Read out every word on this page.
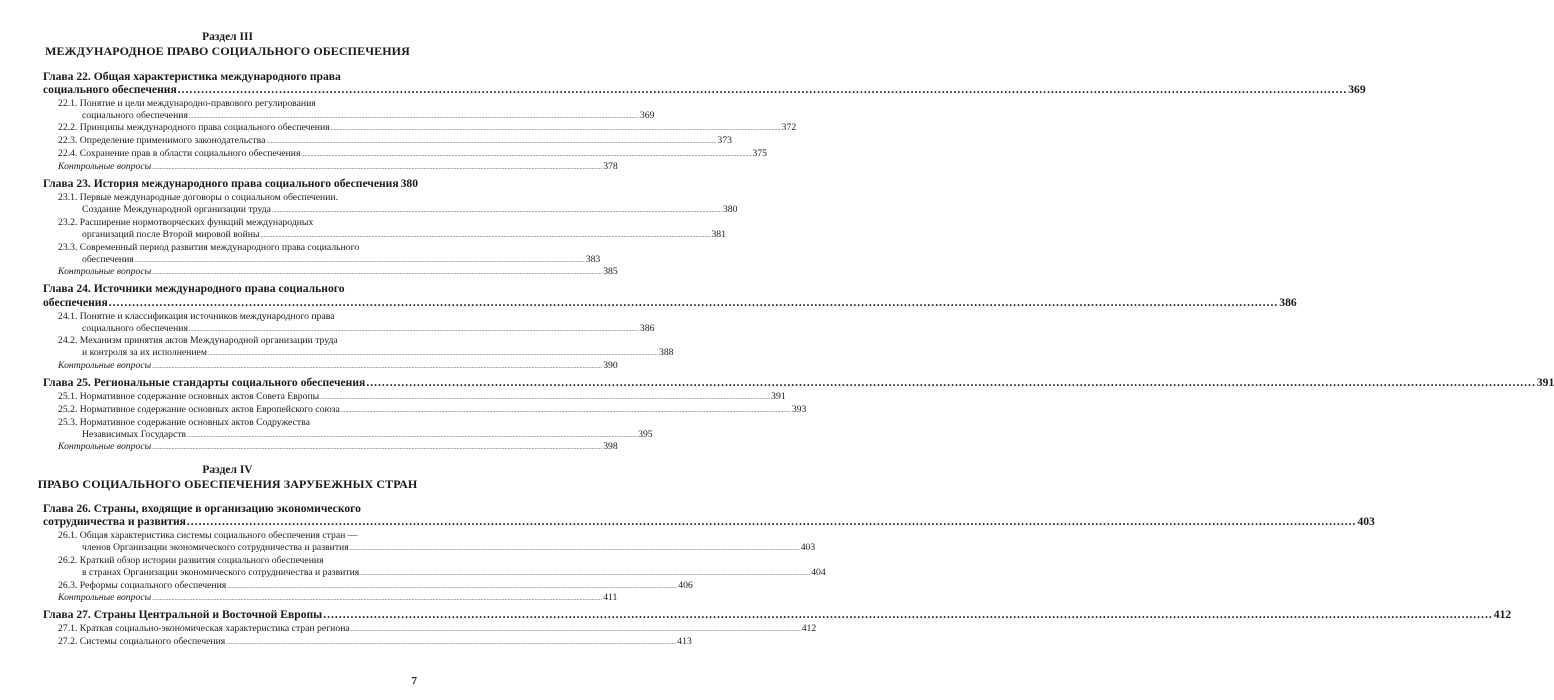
Раздел III
МЕЖДУНАРОДНОЕ ПРАВО СОЦИАЛЬНОГО ОБЕСПЕЧЕНИЯ
Раздел IV
ПРАВО СОЦИАЛЬНОГО ОБЕСПЕЧЕНИЯ ЗАРУБЕЖНЫХ СТРАН
Глава 22. Общая характеристика международного права
социального обеспечения ............................................................................................................................................................................................................................................................................................................ 369
22.1. Понятие и цели международно-правового регулирования
социального обеспечения ............................................................................................................................................................................................................................................................................................................ 369
22.2. Принципы международного права социального обеспечения ............................................................................................................................................................................................................................................................................................................ 372
22.3. Определение применимого законодательства ............................................................................................................................................................................................................................................................................................................ 373
22.4. Сохранение прав в области социального обеспечения ............................................................................................................................................................................................................................................................................................................ 375
Контрольные вопросы ............................................................................................................................................................................................................................................................................................................ 378
Глава 23. История международного права социального обеспечения 380
23.1. Первые международные договоры о социальном обеспечении.
Создание Международной организации труда ............................................................................................................................................................................................................................................................................................................ 380
23.2. Расширение нормотворческих функций международных
организаций после Второй мировой войны ............................................................................................................................................................................................................................................................................................................ 381
23.3. Современный период развития международного права социального
обеспечения ............................................................................................................................................................................................................................................................................................................ 383
Контрольные вопросы ............................................................................................................................................................................................................................................................................................................ 385
Глава 24. Источники международного права социального
обеспечения ............................................................................................................................................................................................................................................................................................................ 386
24.1. Понятие и классификация источников международного права
социального обеспечения ............................................................................................................................................................................................................................................................................................................ 386
24.2. Механизм принятия актов Международной организации труда
и контроля за их исполнением ............................................................................................................................................................................................................................................................................................................ 388
Контрольные вопросы ............................................................................................................................................................................................................................................................................................................ 390
Глава 25. Региональные стандарты социального обеспечения ............................................................................................................................................................................................................................................................................................................ 391
25.1. Нормативное содержание основных актов Совета Европы ............................................................................................................................................................................................................................................................................................................ 391
25.2. Нормативное содержание основных актов Европейского союза ............................................................................................................................................................................................................................................................................................................ 393
25.3. Нормативное содержание основных актов Содружества
Независимых Государств ............................................................................................................................................................................................................................................................................................................ 395
Контрольные вопросы ............................................................................................................................................................................................................................................................................................................ 398
Глава 26. Страны, входящие в организацию экономического
сотрудничества и развития ............................................................................................................................................................................................................................................................................................................ 403
26.1. Общая характеристика системы социального обеспечения стран —
членов Организации экономического сотрудничества и развития ............................................................................................................................................................................................................................................................................................................ 403
26.2. Краткий обзор истории развития социального обеспечения
в странах Организации экономического сотрудничества и развития ............................................................................................................................................................................................................................................................................................................ 404
26.3. Реформы социального обеспечения ............................................................................................................................................................................................................................................................................................................ 406
Контрольные вопросы ............................................................................................................................................................................................................................................................................................................ 411
Глава 27. Страны Центральной и Восточной Европы ............................................................................................................................................................................................................................................................................................................ 412
27.1. Краткая социально-экономическая характеристика стран региона ............................................................................................................................................................................................................................................................................................................ 412
27.2. Системы социального обеспечения ............................................................................................................................................................................................................................................................................................................ 413
7
